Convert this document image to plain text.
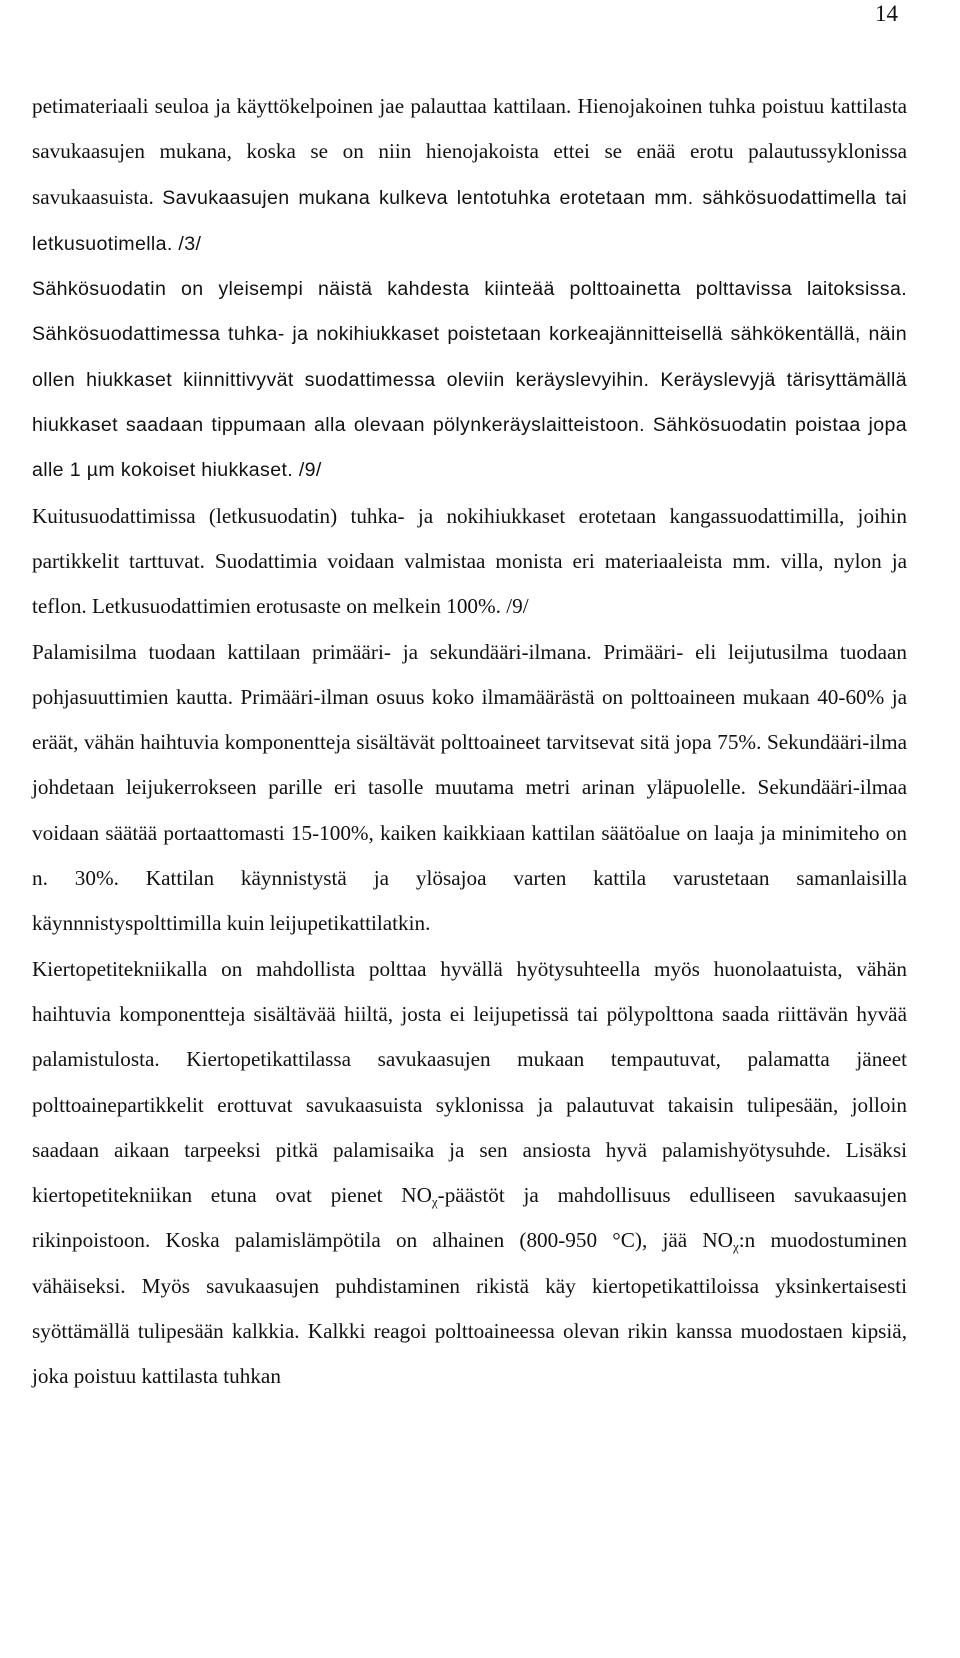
14

petimateriaali seuloa ja käyttökelpoinen jae palauttaa kattilaan. Hienojakoinen tuhka poistuu kattilasta savukaasujen mukana, koska se on niin hienojakoista ettei se enää erotu palautussyklonissa savukaasuista. Savukaasujen mukana kulkeva lentotuhka erotetaan mm. sähkösuodattimella tai letkusuotimella. /3/

Sähkösuodatin on yleisempi näistä kahdesta kiinteää polttoainetta polttavissa laitoksissa. Sähkösuodattimessa tuhka- ja nokihiukkaset poistetaan korkeajännitteisellä sähkökentällä, näin ollen hiukkaset kiinnittivyvät suodattimessa oleviin keräyslevyihin. Keräyslevyjä tärisyttämällä hiukkaset saadaan tippumaan alla olevaan pölynkeräyslaitteistoon. Sähkösuodatin poistaa jopa alle 1 µm kokoiset hiukkaset. /9/

Kuitusuodattimissa (letkusuodatin) tuhka- ja nokihiukkaset erotetaan kangassuodattimilla, joihin partikkelit tarttuvat. Suodattimia voidaan valmistaa monista eri materiaaleista mm. villa, nylon ja teflon. Letkusuodattimien erotusaste on melkein 100%. /9/

Palamisilma tuodaan kattilaan primääri- ja sekundääri-ilmana. Primääri- eli leijutusilma tuodaan pohjasuuttimien kautta. Primääri-ilman osuus koko ilmamäärästä on polttoaineen mukaan 40-60% ja eräät, vähän haihtuvia komponentteja sisältävät polttoaineet tarvitsevat sitä jopa 75%. Sekundääri-ilma johdetaan leijukerrokseen parille eri tasolle muutama metri arinan yläpuolelle. Sekundääri-ilmaa voidaan säätää portaattomasti 15-100%, kaiken kaikkiaan kattilan säätöalue on laaja ja minimiteho on n. 30%. Kattilan käynnistystä ja ylösajoa varten kattila varustetaan samanlaisilla käynnnistyspolttimilla kuin leijupetikattilatkin.

Kiertopetitekniikalla on mahdollista polttaa hyvällä hyötysuhteella myös huonolaatuista, vähän haihtuvia komponentteja sisältävää hiiltä, josta ei leijupetissä tai pölypolttona saada riittävän hyvää palamistulosta. Kiertopetikattilassa savukaasujen mukaan tempautuvat, palamatta jäneet polttoainepartikkelit erottuvat savukaasuista syklonissa ja palautuvat takaisin tulipesään, jolloin saadaan aikaan tarpeeksi pitkä palamisaika ja sen ansiosta hyvä palamishyötysuhde. Lisäksi kiertopetitekniikan etuna ovat pienet $NO_\chi$-päästöt ja mahdollisuus edulliseen savukaasujen rikinpoistoon. Koska palamislämpötila on alhainen (800-950 °C), jää $NO_\chi:n$ muodostuminen vähäiseksi. Myös savukaasujen puhdistaminen rikistä käy kiertopetikattiloissa yksinkertaisesti syöttämällä tulipesään kalkkia. Kalkki reagoi polttoaineessa olevan rikin kanssa muodostaen kipsiä, joka poistuu kattilasta tuhkan
